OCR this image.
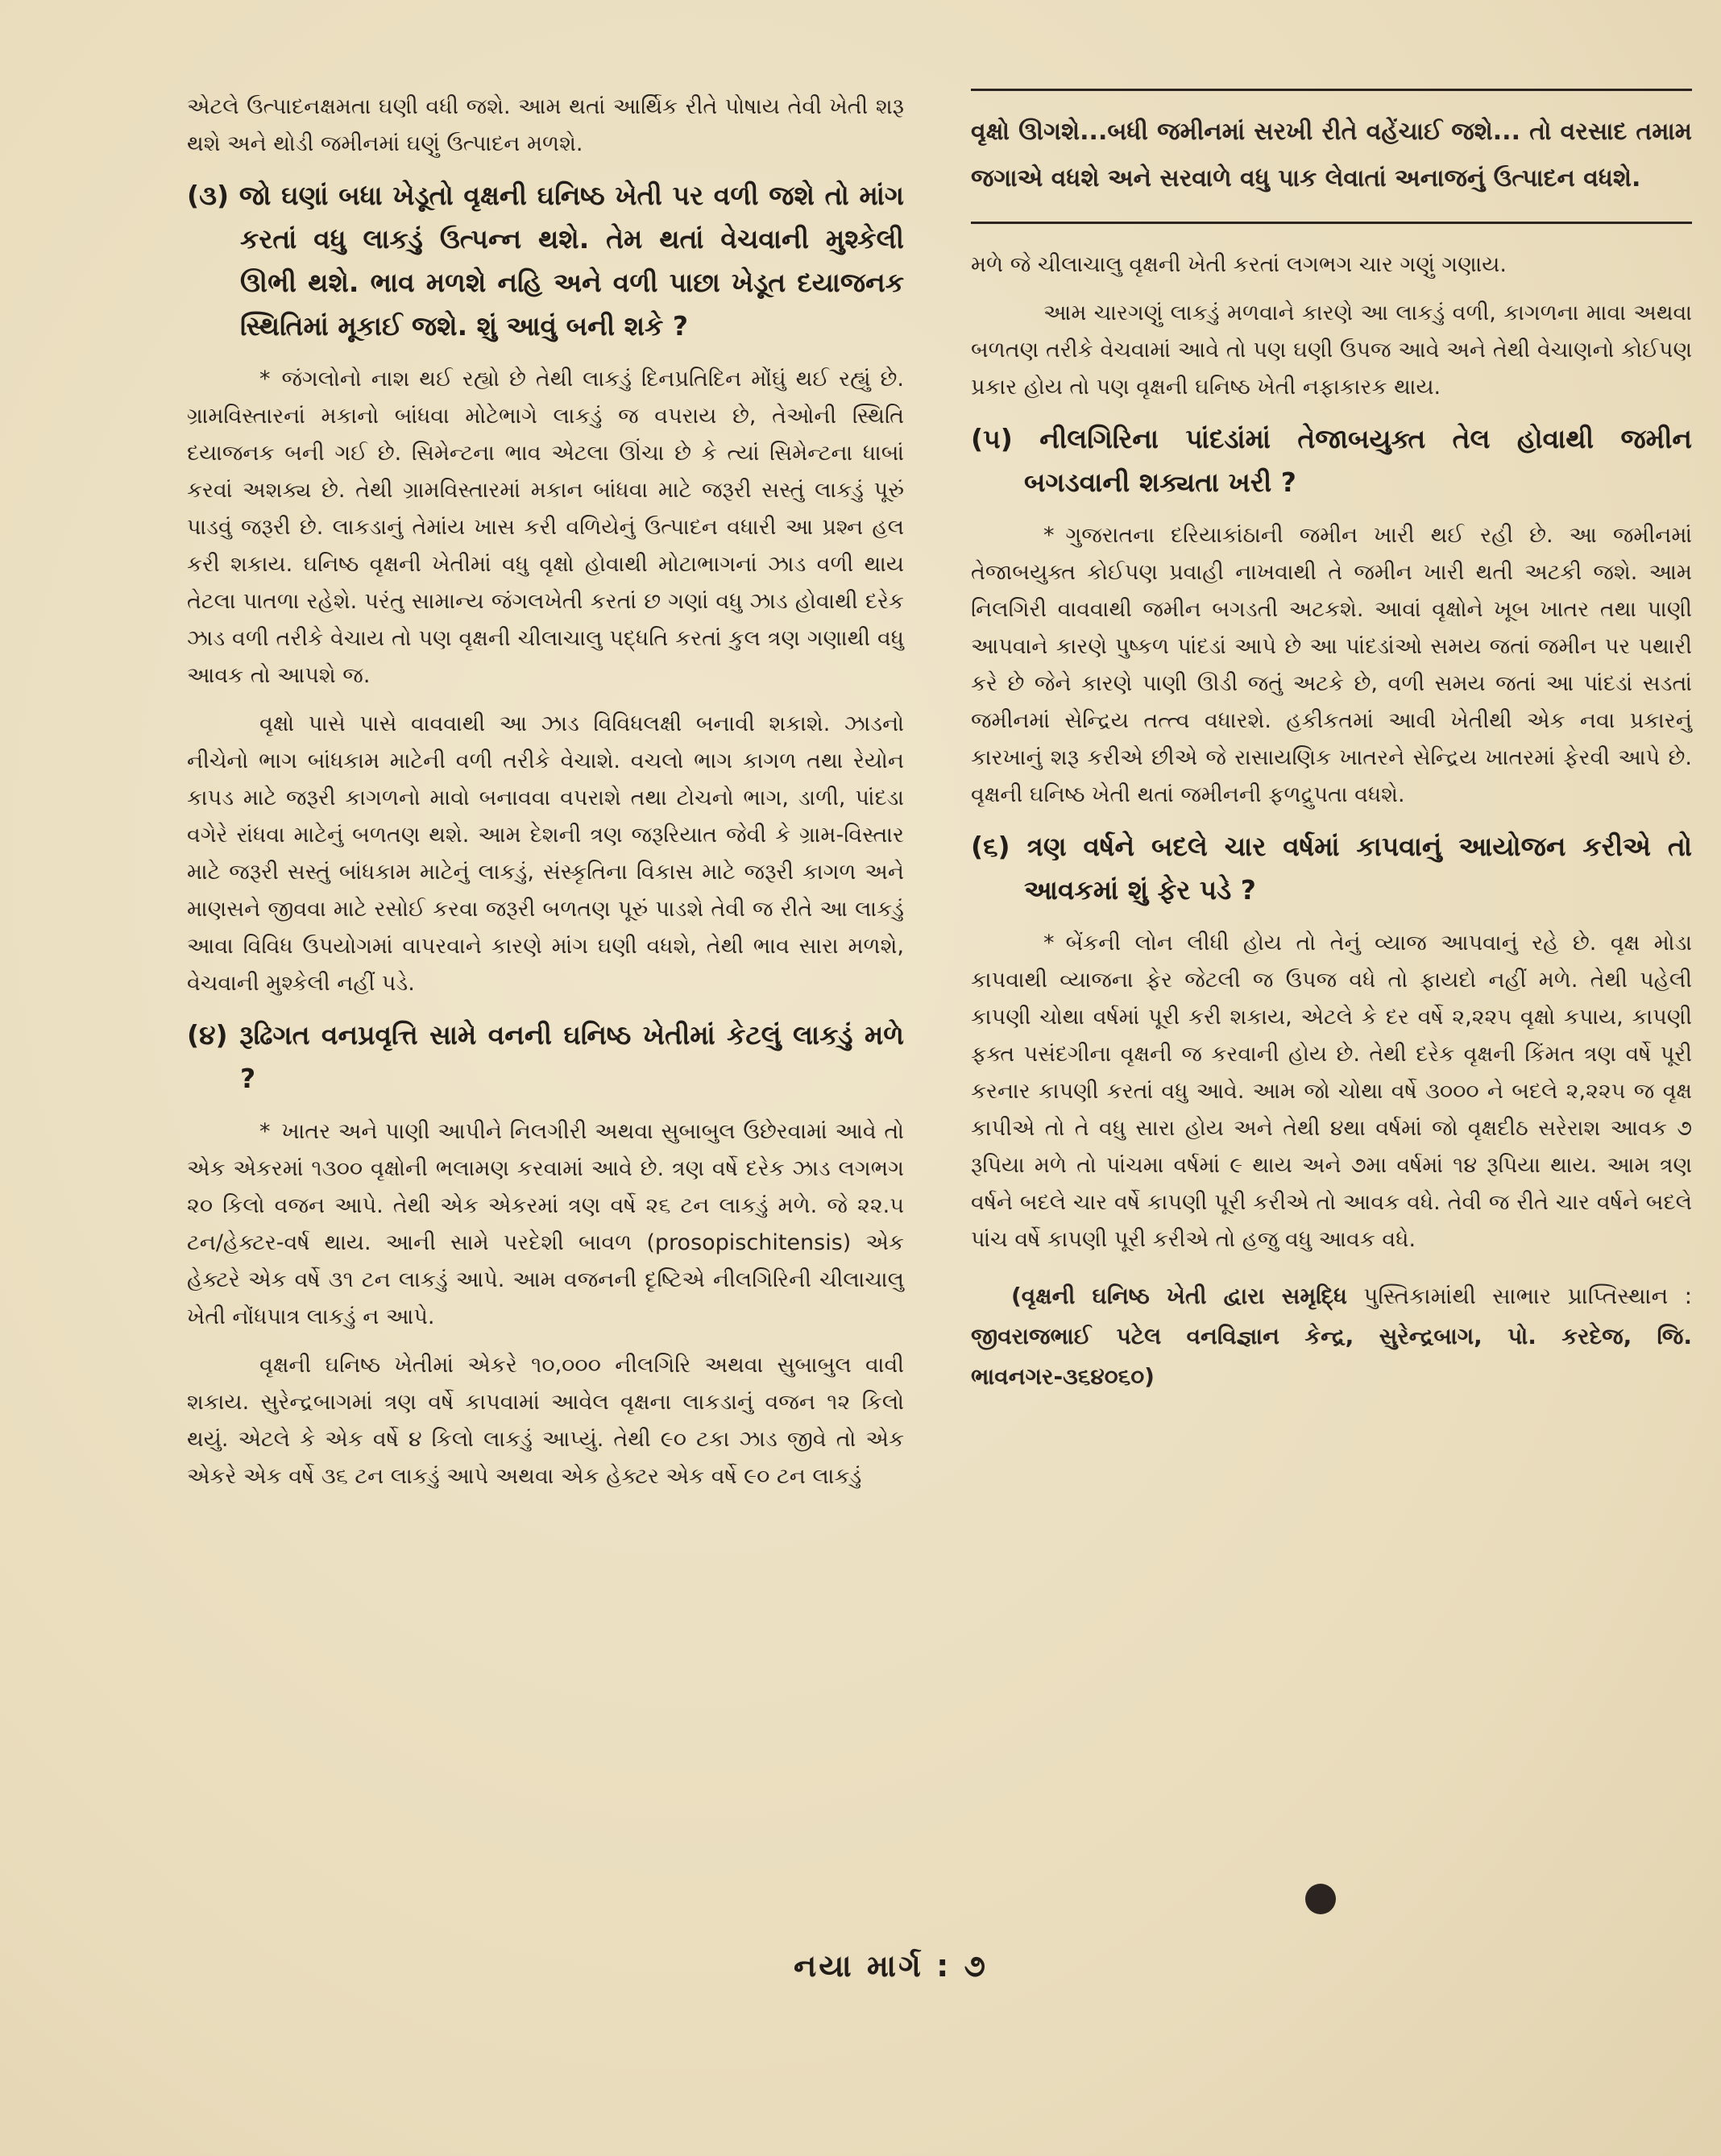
એટલે ઉત્પાદનક્ષમતા ઘણી વધી જશે. આમ થતાં આર્થિક રીતે પોષાય તેવી ખેતી શરૂ થશે અને થોડી જમીનમાં ઘણું ઉત્પાદન મળશે.

(૩) જો ઘણાં બધા ખેડૂતો વૃક્ષની ઘનિષ્ઠ ખેતી પર વળી જશે તો માંગ કરતાં વધુ લાકડું ઉત્પન્ન થશે. તેમ થતાં વેચવાની મુશ્કેલી ઊભી થશે. ભાવ મળશે નહિ અને વળી પાછા ખેડૂત દયાજનક સ્થિતિમાં મૂકાઈ જશે. શું આવું બની શકે ?

* જંગલોનો નાશ થઈ રહ્યો છે તેથી લાકડું દિનપ્રતિદિન મોંઘું થઈ રહ્યું છે. ગ્રામવિસ્તારનાં મકાનો બાંધવા મોટેભાગે લાકડું જ વપરાય છે, તેઓની સ્થિતિ દયાજનક બની ગઈ છે. સિમેન્ટના ભાવ એટલા ઊંચા છે કે ત્યાં સિમેન્ટના ધાબાં કરવાં અશક્ય છે. તેથી ગ્રામવિસ્તારમાં મકાન બાંધવા માટે જરૂરી સસ્તું લાકડું પૂરું પાડવું જરૂરી છે. લાકડાનું તેમાંય ખાસ કરી વળિયેનું ઉત્પાદન વધારી આ પ્રશ્ન હલ કરી શકાય. ઘનિષ્ઠ વૃક્ષની ખેતીમાં વધુ વૃક્ષો હોવાથી મોટાભાગનાં ઝાડ વળી થાય તેટલા પાતળા રહેશે. પરંતુ સામાન્ય જંગલખેતી કરતાં છ ગણાં વધુ ઝાડ હોવાથી દરેક ઝાડ વળી તરીકે વેચાય તો પણ વૃક્ષની ચીલાચાલુ પદ્ધતિ કરતાં કુલ ત્રણ ગણાથી વધુ આવક તો આપશે જ.

વૃક્ષો પાસે પાસે વાવવાથી આ ઝાડ વિવિધલક્ષી બનાવી શકાશે. ઝાડનો નીચેનો ભાગ બાંધકામ માટેની વળી તરીકે વેચાશે. વચલો ભાગ કાગળ તથા રેયોન કાપડ માટે જરૂરી કાગળનો માવો બનાવવા વપરાશે તથા ટોચનો ભાગ, ડાળી, પાંદડા વગેરે રાંધવા માટેનું બળતણ થશે. આમ દેશની ત્રણ જરૂરિયાત જેવી કે ગ્રામ-વિસ્તાર માટે જરૂરી સસ્તું બાંધકામ માટેનું લાકડું, સંસ્કૃતિના વિકાસ માટે જરૂરી કાગળ અને માણસને જીવવા માટે રસોઈ કરવા જરૂરી બળતણ પૂરું પાડશે તેવી જ રીતે આ લાકડું આવા વિવિધ ઉપયોગમાં વાપરવાને કારણે માંગ ઘણી વધશે, તેથી ભાવ સારા મળશે, વેચવાની મુશ્કેલી નહીં પડે.

(૪) રૂઢિગત વનપ્રવૃત્તિ સામે વનની ઘનિષ્ઠ ખેતીમાં કેટલું લાકડું મળે ?

* ખાતર અને પાણી આપીને નિલગીરી અથવા સુબાબુલ ઉછેરવામાં આવે તો એક એકરમાં ૧૩૦૦ વૃક્ષોની ભલામણ કરવામાં આવે છે. ત્રણ વર્ષે દરેક ઝાડ લગભગ ૨૦ કિલો વજન આપે. તેથી એક એકરમાં ત્રણ વર્ષે ૨૬ ટન લાકડું મળે. જે ૨૨.૫ ટન/હેક્ટર-વર્ષ થાય. આની સામે પરદેશી બાવળ (prosopischitensis) એક હેક્ટરે એક વર્ષે ૩૧ ટન લાકડું આપે. આમ વજનની દૃષ્ટિએ નીલગિરિની ચીલાચાલુ ખેતી નોંધપાત્ર લાકડું ન આપે.

વૃક્ષની ઘનિષ્ઠ ખેતીમાં એકરે ૧૦,૦૦૦ નીલગિરિ અથવા સુબાબુલ વાવી શકાય. સુરેન્દ્રબાગમાં ત્રણ વર્ષે કાપવામાં આવેલ વૃક્ષના લાકડાનું વજન ૧૨ કિલો થયું. એટલે કે એક વર્ષે ૪ કિલો લાકડું આપ્યું. તેથી ૯૦ ટકા ઝાડ જીવે તો એક એકરે એક વર્ષે ૩૬ ટન લાકડું આપે અથવા એક હેક્ટર એક વર્ષે ૯૦ ટન લાકડું

વૃક્ષો ઊગશે...બધી જમીનમાં સરખી રીતે વહેંચાઈ જશે... તો વરસાદ તમામ જગાએ વધશે અને સરવાળે વધુ પાક લેવાતાં અનાજનું ઉત્પાદન વધશે.

મળે જે ચીલાચાલુ વૃક્ષની ખેતી કરતાં લગભગ ચાર ગણું ગણાય.

આમ ચારગણું લાકડું મળવાને કારણે આ લાકડું વળી, કાગળના માવા અથવા બળતણ તરીકે વેચવામાં આવે તો પણ ઘણી ઉપજ આવે અને તેથી વેચાણનો કોઈપણ પ્રકાર હોય તો પણ વૃક્ષની ઘનિષ્ઠ ખેતી નફાકારક થાય.

(૫) નીલગિરિના પાંદડાંમાં તેજાબયુક્ત તેલ હોવાથી જમીન બગડવાની શક્યતા ખરી ?

* ગુજરાતના દરિયાકાંઠાની જમીન ખારી થઈ રહી છે. આ જમીનમાં તેજાબયુક્ત કોઈપણ પ્રવાહી નાખવાથી તે જમીન ખારી થતી અટકી જશે. આમ નિલગિરી વાવવાથી જમીન બગડતી અટકશે. આવાં વૃક્ષોને ખૂબ ખાતર તથા પાણી આપવાને કારણે પુષ્કળ પાંદડાં આપે છે આ પાંદડાંઓ સમય જતાં જમીન પર પથારી કરે છે જેને કારણે પાણી ઊડી જતું અટકે છે, વળી સમય જતાં આ પાંદડાં સડતાં જમીનમાં સેન્દ્રિય તત્ત્વ વધારશે. હકીકતમાં આવી ખેતીથી એક નવા પ્રકારનું કારખાનું શરૂ કરીએ છીએ જે રાસાયણિક ખાતરને સેન્દ્રિય ખાતરમાં ફેરવી આપે છે. વૃક્ષની ઘનિષ્ઠ ખેતી થતાં જમીનની ફળદ્રુપતા વધશે.

(૬) ત્રણ વર્ષને બદલે ચાર વર્ષમાં કાપવાનું આયોજન કરીએ તો આવકમાં શું ફેર પડે ?

* બેંકની લોન લીધી હોય તો તેનું વ્યાજ આપવાનું રહે છે. વૃક્ષ મોડા કાપવાથી વ્યાજના ફેર જેટલી જ ઉપજ વધે તો ફાયદો નહીં મળે. તેથી પહેલી કાપણી ચોથા વર્ષમાં પૂરી કરી શકાય, એટલે કે દર વર્ષે ૨,૨૨૫ વૃક્ષો કપાય, કાપણી ફક્ત પસંદગીના વૃક્ષની જ કરવાની હોય છે. તેથી દરેક વૃક્ષની કિંમત ત્રણ વર્ષે પૂરી કરનાર કાપણી કરતાં વધુ આવે. આમ જો ચોથા વર્ષે ૩૦૦૦ ને બદલે ૨,૨૨૫ જ વૃક્ષ કાપીએ તો તે વધુ સારા હોય અને તેથી ૪થા વર્ષમાં જો વૃક્ષદીઠ સરેરાશ આવક ૭ રૂપિયા મળે તો પાંચમા વર્ષમાં ૯ થાય અને ૭મા વર્ષમાં ૧૪ રૂપિયા થાય. આમ ત્રણ વર્ષને બદલે ચાર વર્ષે કાપણી પૂરી કરીએ તો આવક વધે. તેવી જ રીતે ચાર વર્ષને બદલે પાંચ વર્ષે કાપણી પૂરી કરીએ તો હજુ વધુ આવક વધે.

(વૃક્ષની ઘનિષ્ઠ ખેતી દ્વારા સમૃદ્ધિ પુસ્તિકામાંથી સાભાર પ્રાપ્તિસ્થાન : જીવરાજભાઈ પટેલ વનવિજ્ઞાન કેન્દ્ર, સુરેન્દ્રબાગ, પો. કરદેજ, જિ. ભાવનગર-૩૬૪૦૬૦)

નયા માર્ગ : ૭
